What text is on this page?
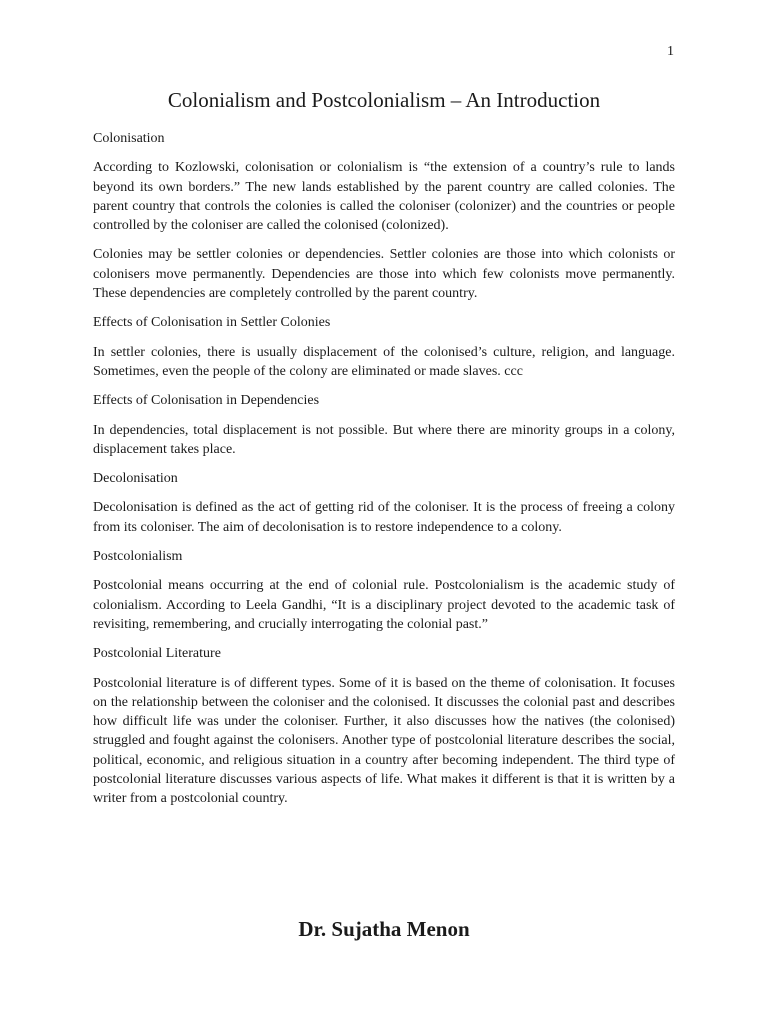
1
Colonialism and Postcolonialism – An Introduction

Colonisation

According to Kozlowski, colonisation or colonialism is “the extension of a country’s rule to lands beyond its own borders.” The new lands established by the parent country are called colonies. The parent country that controls the colonies is called the coloniser (colonizer) and the countries or people controlled by the coloniser are called the colonised (colonized).

Colonies may be settler colonies or dependencies. Settler colonies are those into which colonists or colonisers move permanently. Dependencies are those into which few colonists move permanently. These dependencies are completely controlled by the parent country.

Effects of Colonisation in Settler Colonies

In settler colonies, there is usually displacement of the colonised’s culture, religion, and language. Sometimes, even the people of the colony are eliminated or made slaves. ccc

Effects of Colonisation in Dependencies

In dependencies, total displacement is not possible. But where there are minority groups in a colony, displacement takes place.

Decolonisation

Decolonisation is defined as the act of getting rid of the coloniser. It is the process of freeing a colony from its coloniser. The aim of decolonisation is to restore independence to a colony.

Postcolonialism

Postcolonial means occurring at the end of colonial rule. Postcolonialism is the academic study of colonialism. According to Leela Gandhi, “It is a disciplinary project devoted to the academic task of revisiting, remembering, and crucially interrogating the colonial past.”

Postcolonial Literature

Postcolonial literature is of different types. Some of it is based on the theme of colonisation. It focuses on the relationship between the coloniser and the colonised. It discusses the colonial past and describes how difficult life was under the coloniser. Further, it also discusses how the natives (the colonised) struggled and fought against the colonisers. Another type of postcolonial literature describes the social, political, economic, and religious situation in a country after becoming independent. The third type of postcolonial literature discusses various aspects of life. What makes it different is that it is written by a writer from a postcolonial country.

Dr. Sujatha Menon
